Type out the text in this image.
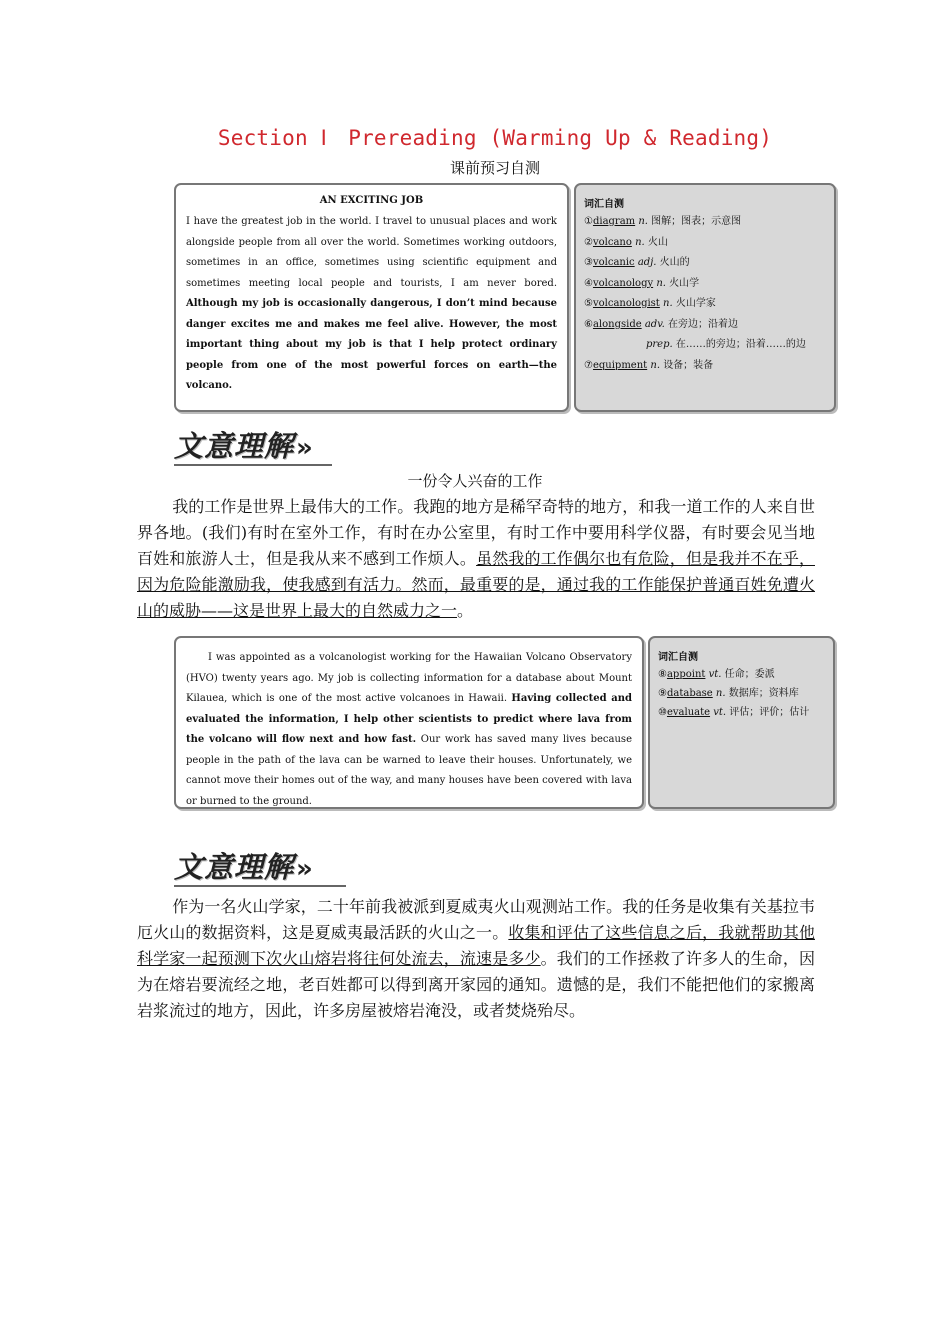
Section Ⅰ　Prereading (Warming Up & Reading)
课前预习自测
AN EXCITING JOB

I have the greatest job in the world. I travel to unusual places and work alongside people from all over the world. Sometimes working outdoors, sometimes in an office, sometimes using scientific equipment and sometimes meeting local people and tourists, I am never bored. Although my job is occasionally dangerous, I don’t mind because danger excites me and makes me feel alive. However, the most important thing about my job is that I help protect ordinary people from one of the most powerful forces on earth—the volcano.

词汇自测
①diagram n. 图解；图表；示意图
②volcano n. 火山
③volcanic adj. 火山的
④volcanology n. 火山学
⑤volcanologist n. 火山学家
⑥alongside adv. 在旁边；沿着边
prep. 在……的旁边；沿着……的边
⑦equipment n. 设备；装备
文意理解»
一份令人兴奋的工作

我的工作是世界上最伟大的工作。我跑的地方是稀罕奇特的地方，和我一道工作的人来自世界各地。(我们)有时在室外工作，有时在办公室里，有时工作中要用科学仪器，有时要会见当地百姓和旅游人士，但是我从来不感到工作烦人。虽然我的工作偶尔也有危险，但是我并不在乎，因为危险能激励我，使我感到有活力。然而，最重要的是，通过我的工作能保护普通百姓免遭火山的威胁——这是世界上最大的自然威力之一。

I was appointed as a volcanologist working for the Hawaiian Volcano Observatory (HVO) twenty years ago. My job is collecting information for a database about Mount Kilauea, which is one of the most active volcanoes in Hawaii. Having collected and evaluated the information, I help other scientists to predict where lava from the volcano will flow next and how fast. Our work has saved many lives because people in the path of the lava can be warned to leave their houses. Unfortunately, we cannot move their homes out of the way, and many houses have been covered with lava or burned to the ground.

词汇自测
⑧appoint vt. 任命；委派
⑨database n. 数据库；资料库
⑩evaluate vt. 评估；评价；估计
文意理解»

作为一名火山学家，二十年前我被派到夏威夷火山观测站工作。我的任务是收集有关基拉韦厄火山的数据资料，这是夏威夷最活跃的火山之一。收集和评估了这些信息之后，我就帮助其他科学家一起预测下次火山熔岩将往何处流去，流速是多少。我们的工作拯救了许多人的生命，因为在熔岩要流经之地，老百姓都可以得到离开家园的通知。遗憾的是，我们不能把他们的家搬离岩浆流过的地方，因此，许多房屋被熔岩淹没，或者焚烧殆尽。
